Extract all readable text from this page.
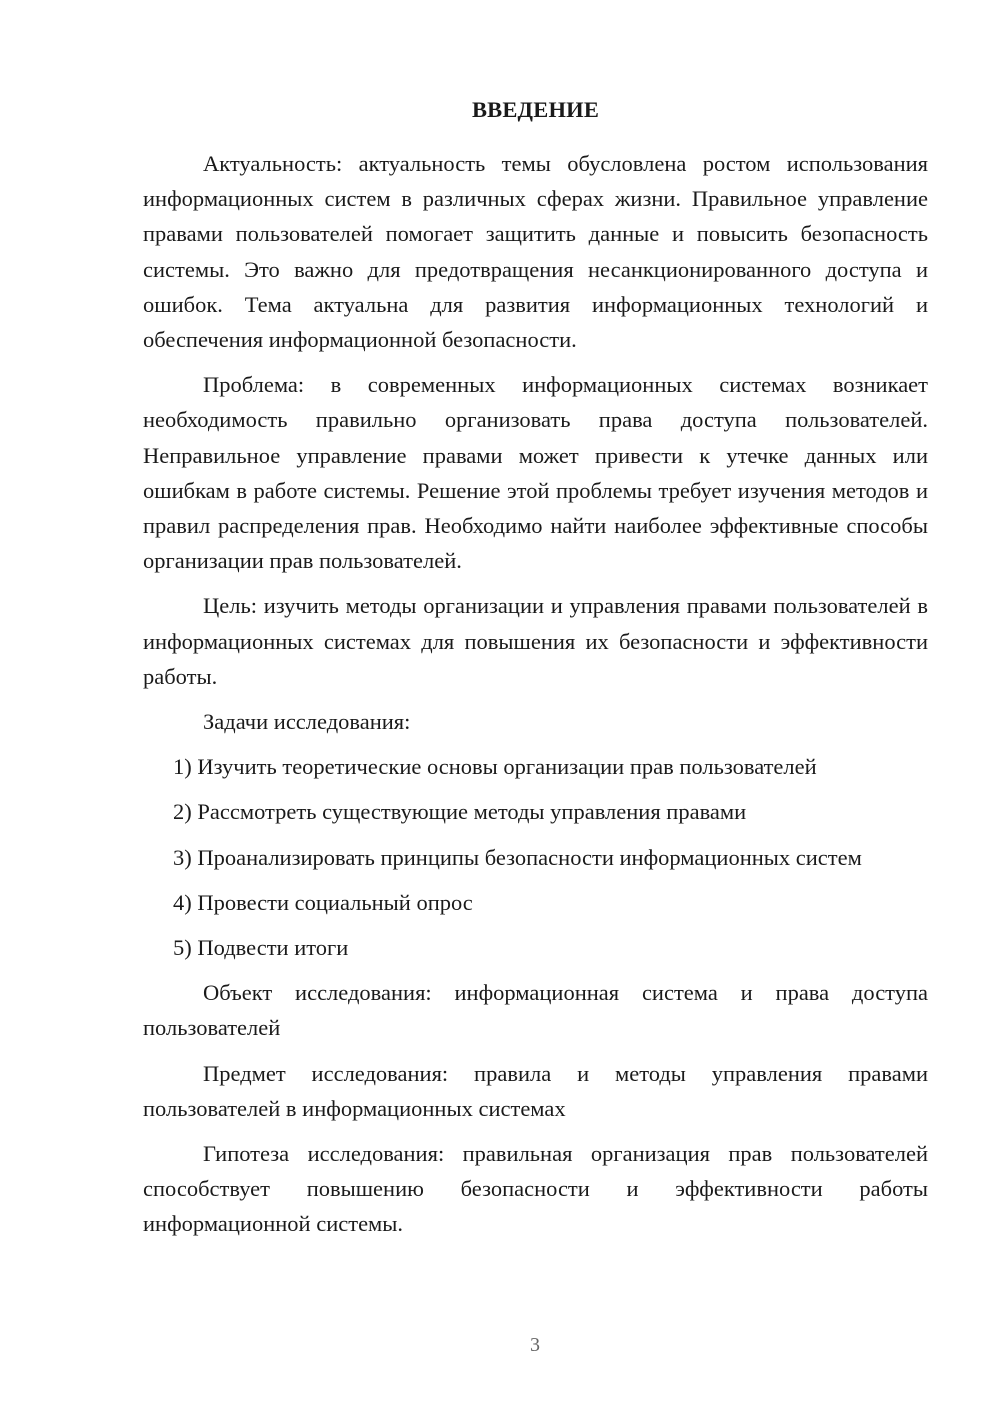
ВВЕДЕНИЕ

Актуальность: актуальность темы обусловлена ростом использования информационных систем в различных сферах жизни. Правильное управление правами пользователей помогает защитить данные и повысить безопасность системы. Это важно для предотвращения несанкционированного доступа и ошибок. Тема актуальна для развития информационных технологий и обеспечения информационной безопасности.

Проблема: в современных информационных системах возникает необходимость правильно организовать права доступа пользователей. Неправильное управление правами может привести к утечке данных или ошибкам в работе системы. Решение этой проблемы требует изучения методов и правил распределения прав. Необходимо найти наиболее эффективные способы организации прав пользователей.

Цель: изучить методы организации и управления правами пользователей в информационных системах для повышения их безопасности и эффективности работы.

Задачи исследования:

1) Изучить теоретические основы организации прав пользователей

2) Рассмотреть существующие методы управления правами

3) Проанализировать принципы безопасности информационных систем

4) Провести социальный опрос

5) Подвести итоги

Объект исследования: информационная система и права доступа пользователей

Предмет исследования: правила и методы управления правами пользователей в информационных системах

Гипотеза исследования: правильная организация прав пользователей способствует повышению безопасности и эффективности работы информационной системы.

3
